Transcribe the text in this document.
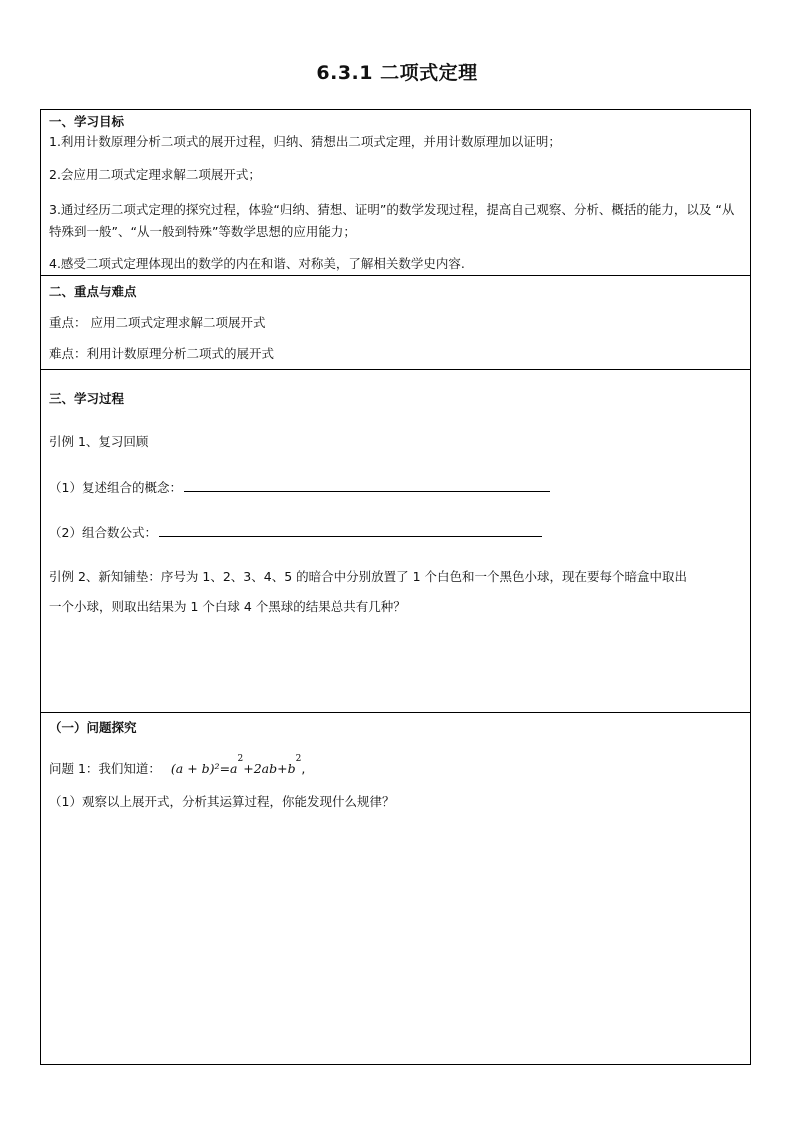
6.3.1 二项式定理
一、学习目标
1.利用计数原理分析二项式的展开过程，归纳、猜想出二项式定理，并用计数原理加以证明；
2.会应用二项式定理求解二项展开式；
3.通过经历二项式定理的探究过程，体验“归纳、猜想、证明”的数学发现过程，提高自己观察、分析、概括的能力，以及 “从特殊到一般”、“从一般到特殊”等数学思想的应用能力；
4.感受二项式定理体现出的数学的内在和谐、对称美，了解相关数学史内容.
二、重点与难点
重点： 应用二项式定理求解二项展开式
难点：利用计数原理分析二项式的展开式
三、学习过程
引例 1、复习回顾
（1）复述组合的概念：
（2）组合数公式：
引例 2、新知铺垫：序号为 1、2、3、4、5 的暗合中分别放置了 1 个白色和一个黑色小球，现在要每个暗盒中取出
一个小球，则取出结果为 1 个白球 4 个黑球的结果总共有几种？
（一）问题探究
问题 1：我们知道： $(a + b)^2=a^2+2ab+b^2$,
（1）观察以上展开式，分析其运算过程，你能发现什么规律？
